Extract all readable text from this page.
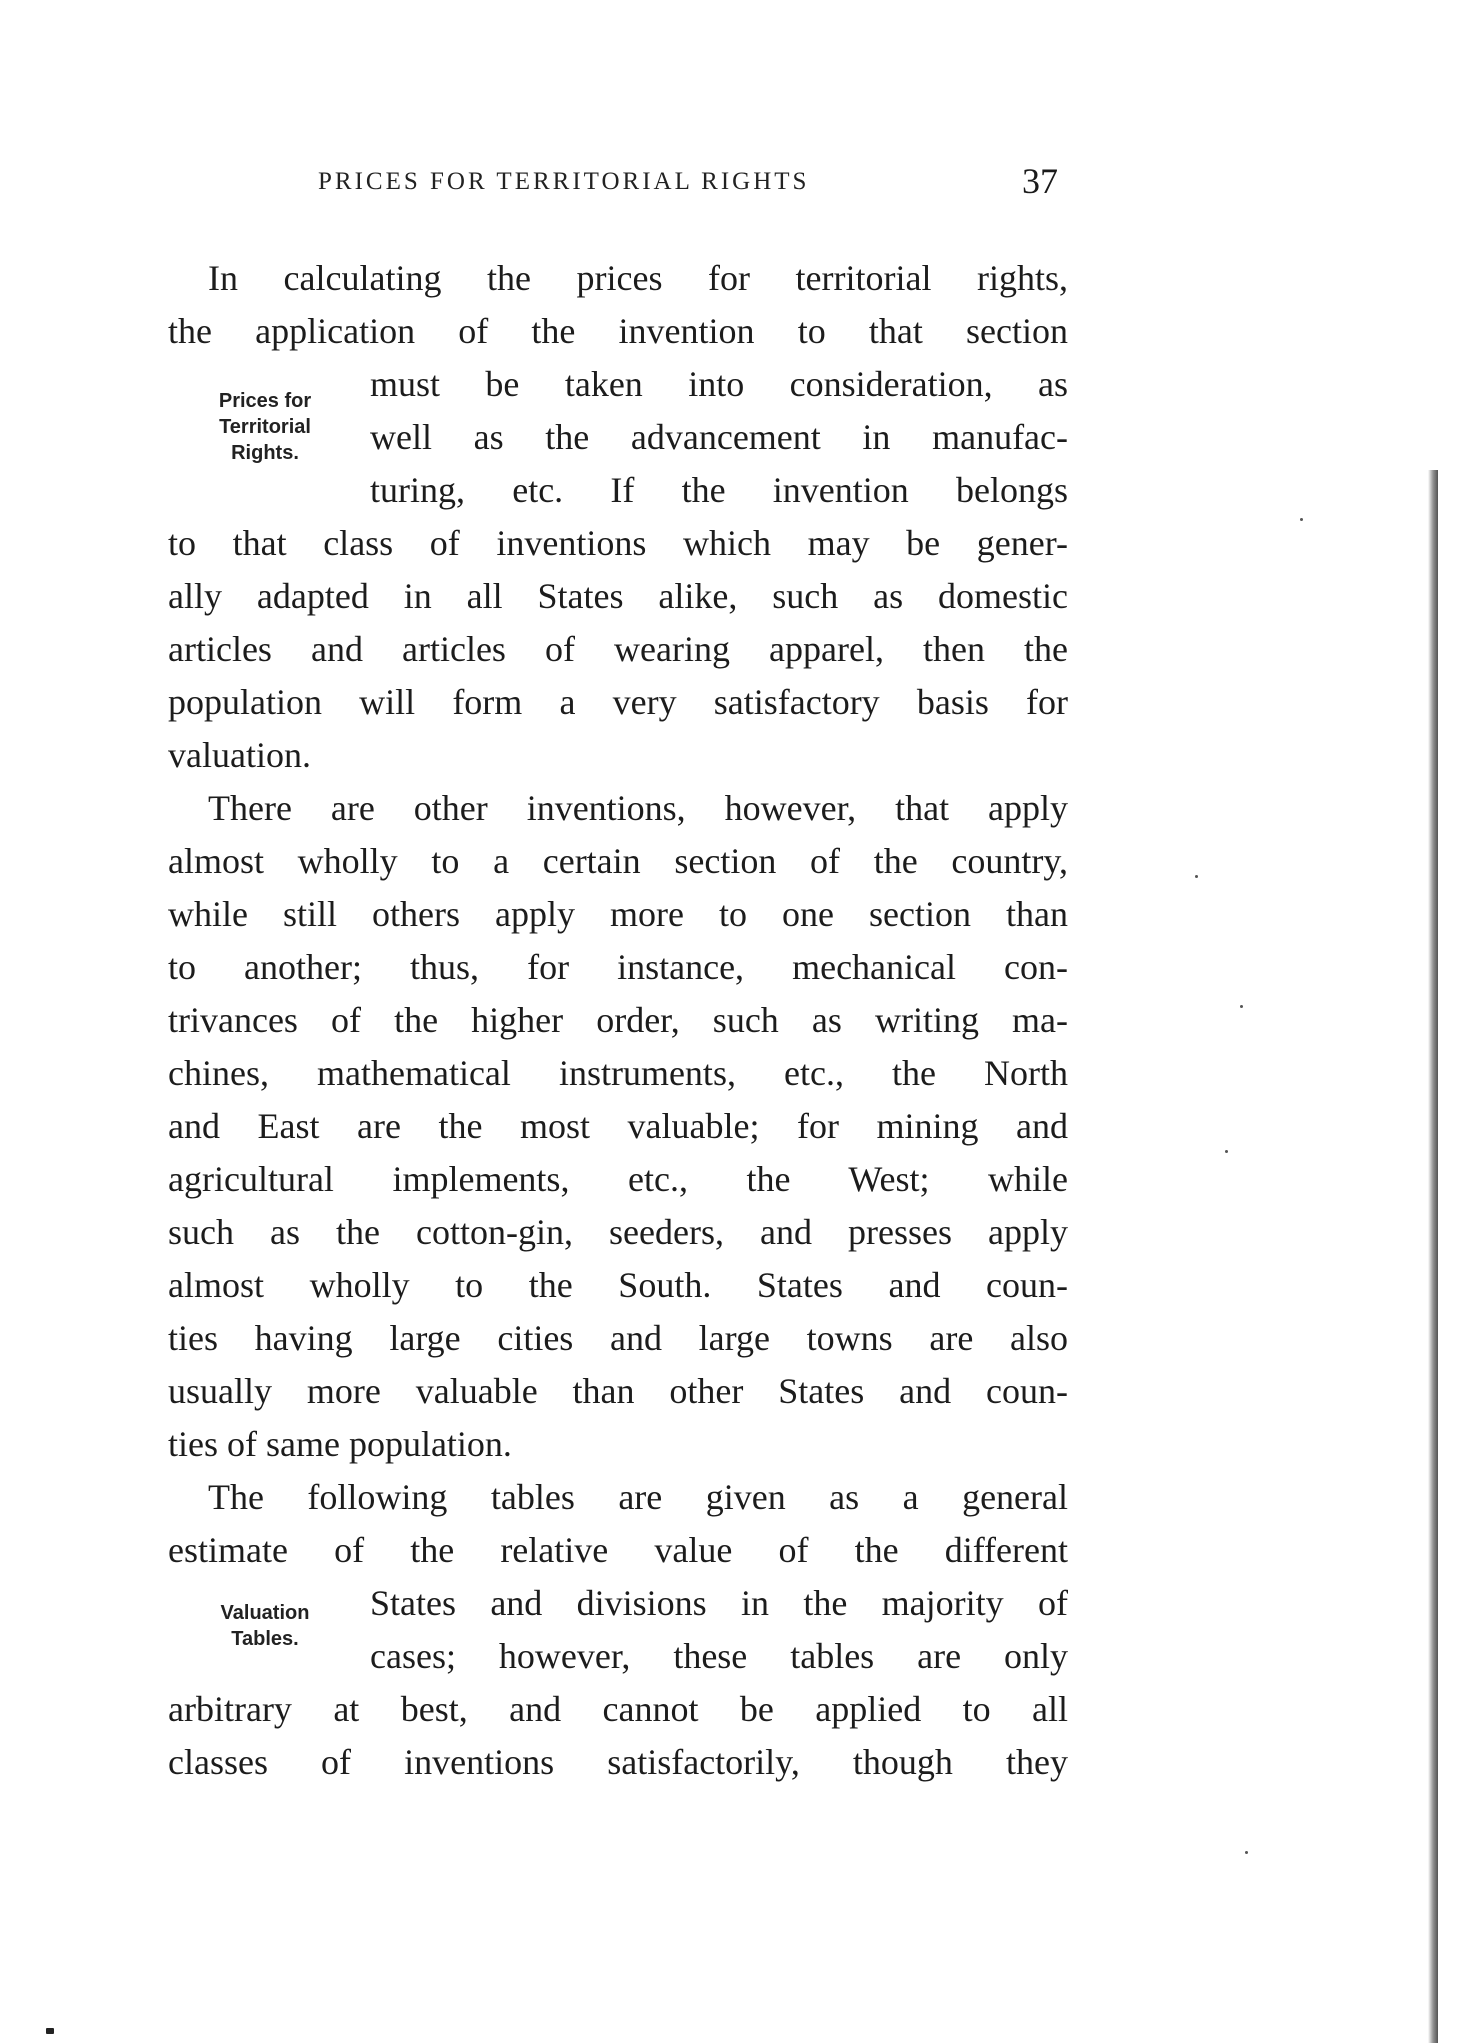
PRICES FOR TERRITORIAL RIGHTS	37
Prices for
Territorial
Rights.
Valuation
Tables.
In calculating the prices for territorial rights,
the application of the invention to that section
must be taken into consideration, as
well as the advancement in manufac-
turing, etc. If the invention belongs
to that class of inventions which may be gener-
ally adapted in all States alike, such as domestic
articles and articles of wearing apparel, then the
population will form a very satisfactory basis for
valuation.
There are other inventions, however, that apply
almost wholly to a certain section of the country,
while still others apply more to one section than
to another; thus, for instance, mechanical con-
trivances of the higher order, such as writing ma-
chines, mathematical instruments, etc., the North
and East are the most valuable; for mining and
agricultural implements, etc., the West; while
such as the cotton-gin, seeders, and presses apply
almost wholly to the South. States and coun-
ties having large cities and large towns are also
usually more valuable than other States and coun-
ties of same population.
The following tables are given as a general
estimate of the relative value of the different
States and divisions in the majority of
cases; however, these tables are only
arbitrary at best, and cannot be applied to all
classes of inventions satisfactorily, though they
